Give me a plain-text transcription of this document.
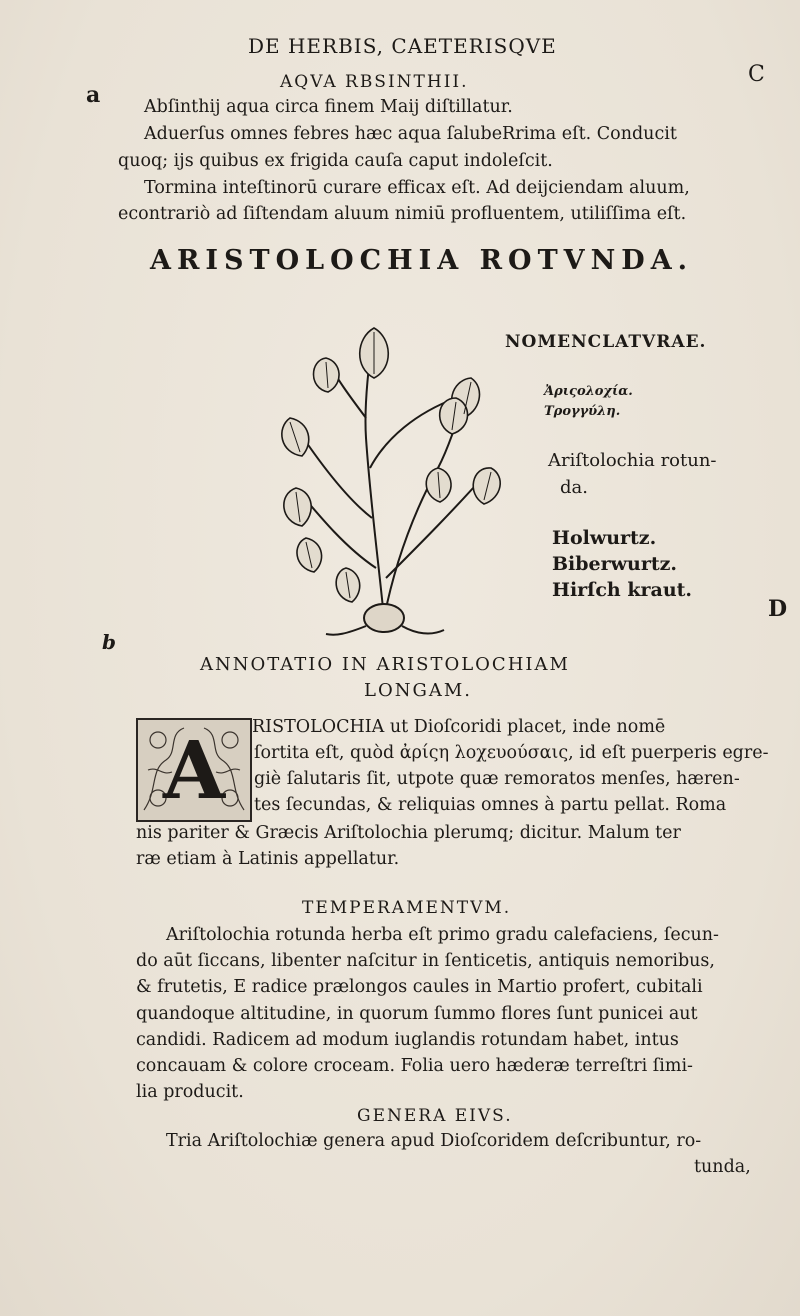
DE HERBIS, CAETERISQVE
C
a	AQVA RBSINTHII.
Abſinthij aqua circa finem Maij diſtillatur.
Aduerſus omnes febres hæc aqua ſalubeRrima eſt. Conducit
quoq; ijs quibus ex frigida cauſa caput indoleſcit.
Tormina inteſtinorū curare efficax eſt. Ad deijciendam aluum,
econtrariò ad ſiſtendam aluum nimiū profluentem, utiliſſima eſt.
ARISTOLOCHIA ROTVNDA.
NOMENCLATVRAE.
Ἀριςολοχία.
Τρογγύλη.
Ariſtolochia rotun-
da.
Holwurtz.
Biberwurtz.
Hirſch kraut.
D
b
ANNOTATIO IN ARISTOLOCHIAM
LONGAM.
A	RISTOLOCHIA ut Dioſcoridi placet, inde nomē
ſortita eſt, quòd ἀρίςη λοχευούσαις, id eſt puerperis egre-
giè ſalutaris ſit, utpote quæ remoratos menſes, hæren-
tes ſecundas, & reliquias omnes à partu pellat. Roma
nis pariter & Græcis Ariſtolochia plerumq; dicitur. Malum ter
ræ etiam à Latinis appellatur.
TEMPERAMENTVM.
Ariſtolochia rotunda herba eſt primo gradu calefaciens, ſecun-
do aūt ſiccans, libenter naſcitur in ſenticetis, antiquis nemoribus,
& frutetis, E radice prælongos caules in Martio profert, cubitali
quandoque altitudine, in quorum ſummo flores ſunt punicei aut
candidi. Radicem ad modum iuglandis rotundam habet, intus
concauam & colore croceam. Folia uero hæderæ terreſtri ſimi-
lia producit.
GENERA EIVS.
Tria Ariſtolochiæ genera apud Dioſcoridem deſcribuntur, ro-
tunda,
